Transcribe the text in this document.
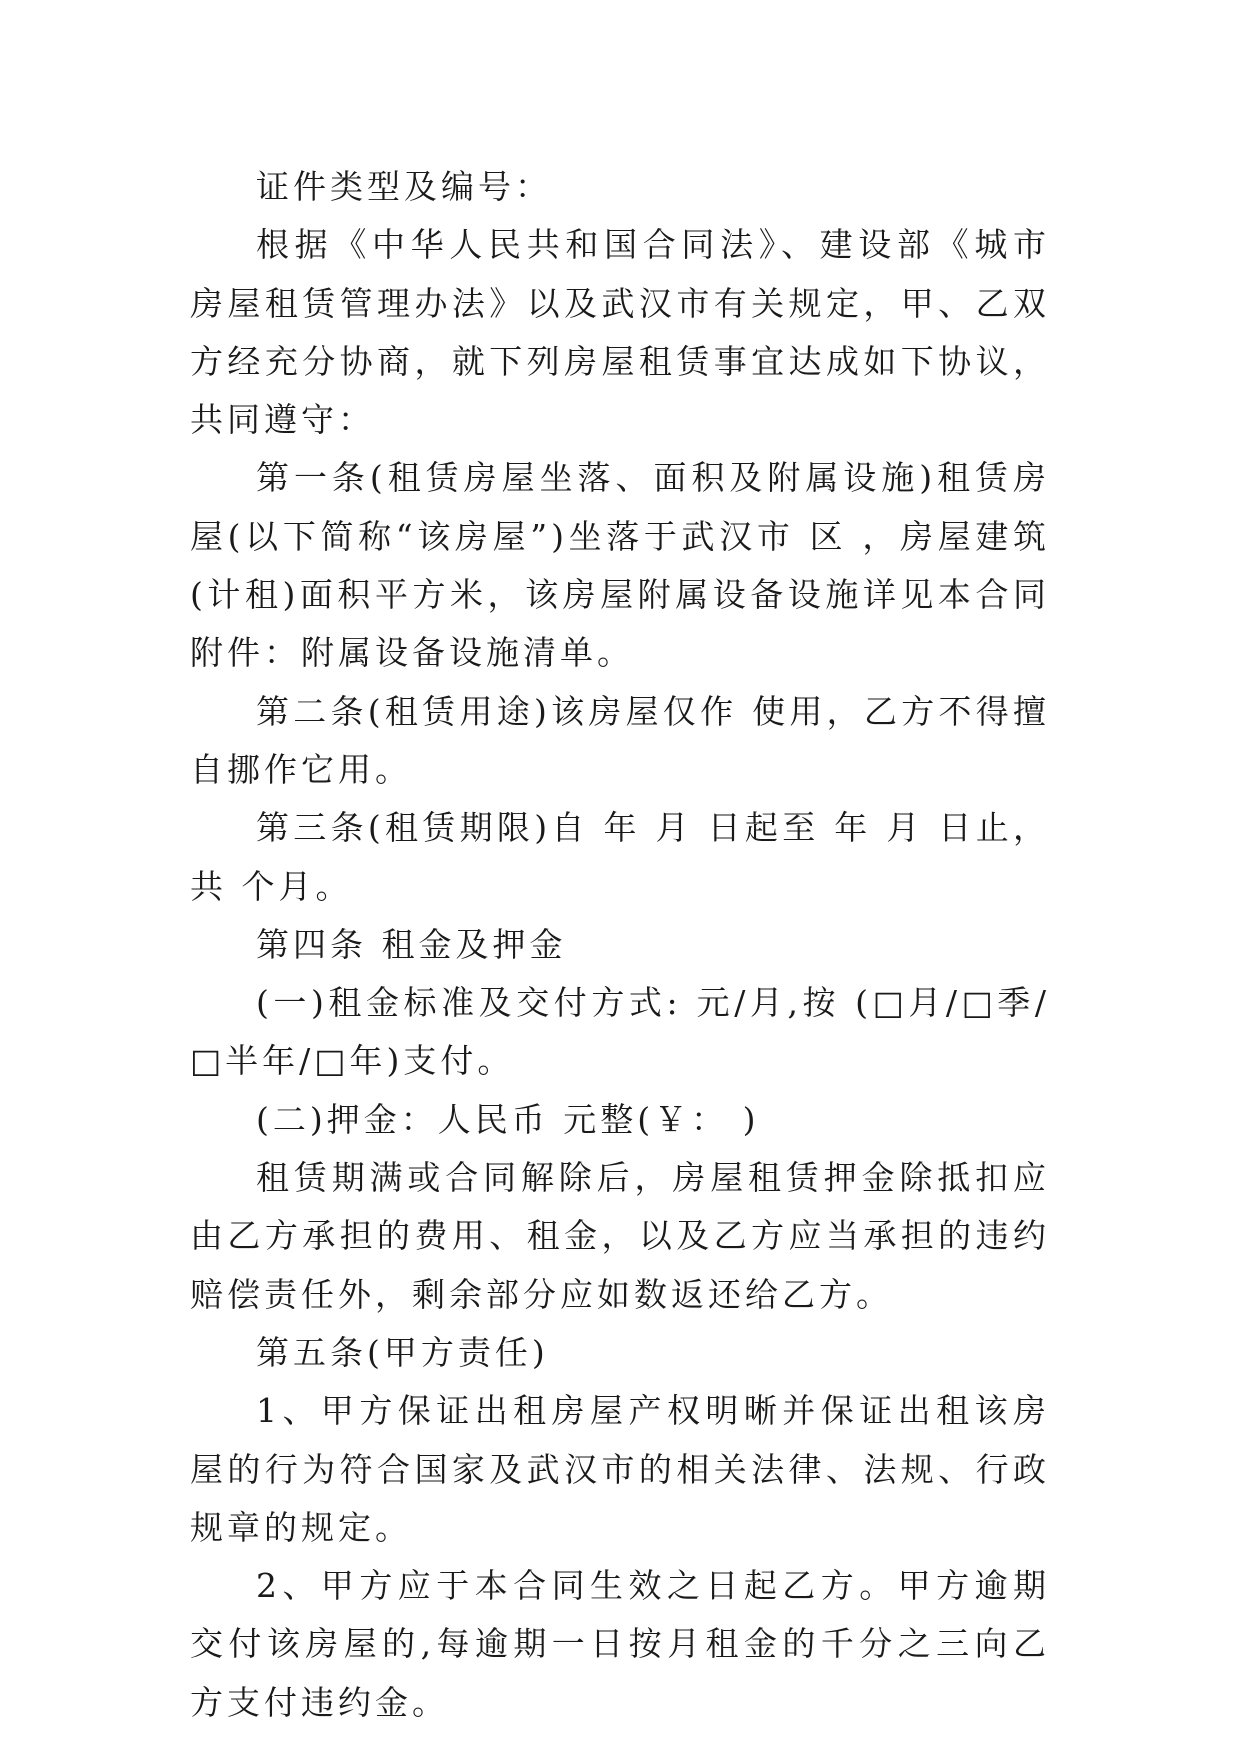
证件类型及编号：

根据《中华人民共和国合同法》、建设部《城市房屋租赁管理办法》以及武汉市有关规定，甲、乙双方经充分协商，就下列房屋租赁事宜达成如下协议，共同遵守：

第一条(租赁房屋坐落、面积及附属设施)租赁房屋(以下简称“该房屋”)坐落于武汉市 区 ，房屋建筑(计租)面积平方米，该房屋附属设备设施详见本合同附件：附属设备设施清单。

第二条(租赁用途)该房屋仅作 使用，乙方不得擅自挪作它用。

第三条(租赁期限)自 年 月 日起至 年 月 日止，共 个月。

第四条 租金及押金

(一)租金标准及交付方式: 元/月,按 (□月/□季/□半年/□年)支付。

(二)押金：人民币 元整(￥： )

租赁期满或合同解除后，房屋租赁押金除抵扣应由乙方承担的费用、租金，以及乙方应当承担的违约赔偿责任外，剩余部分应如数返还给乙方。

第五条(甲方责任)

1、甲方保证出租房屋产权明晰并保证出租该房屋的行为符合国家及武汉市的相关法律、法规、行政规章的规定。

2、甲方应于本合同生效之日起乙方。甲方逾期交付该房屋的,每逾期一日按月租金的千分之三向乙方支付违约金。
